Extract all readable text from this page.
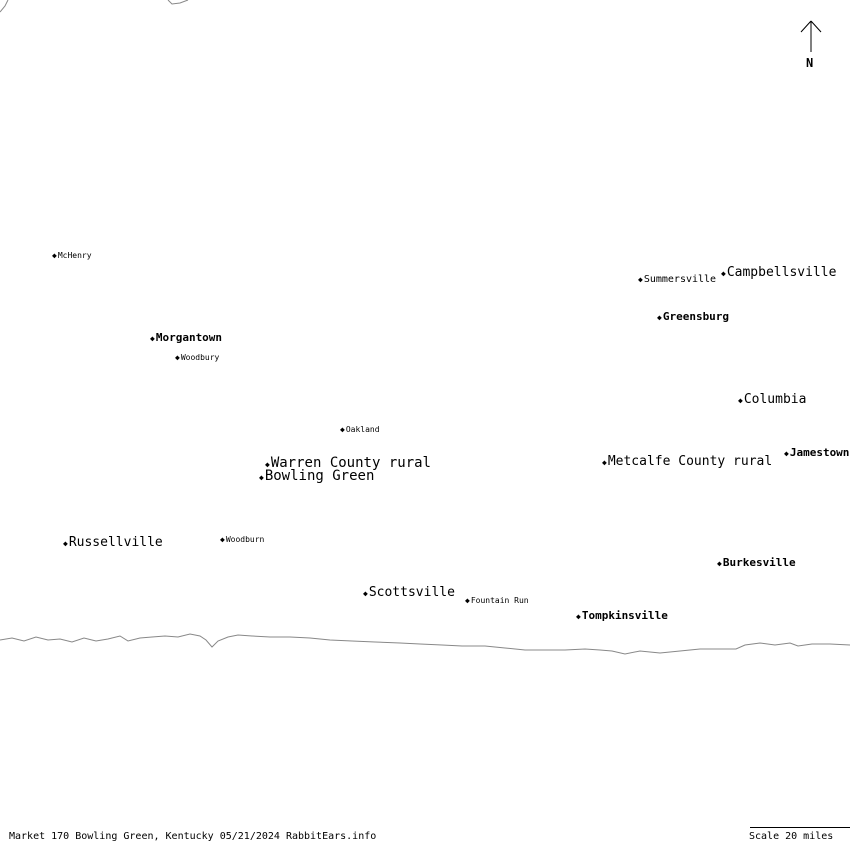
◆McHenry
◆Summersville
◆Campbellsville
◆Greensburg
◆Morgantown
◆Woodbury
◆Columbia
◆Oakland
◆Warren County rural
◆Bowling Green
◆Metcalfe County rural
◆Jamestown
◆Russellville	◆Woodburn
◆Burkesville
◆Scottsville
◆Fountain Run
◆Tompkinsville
N
Market 170 Bowling Green, Kentucky 05/21/2024 RabbitEars.info	Scale 20 miles
